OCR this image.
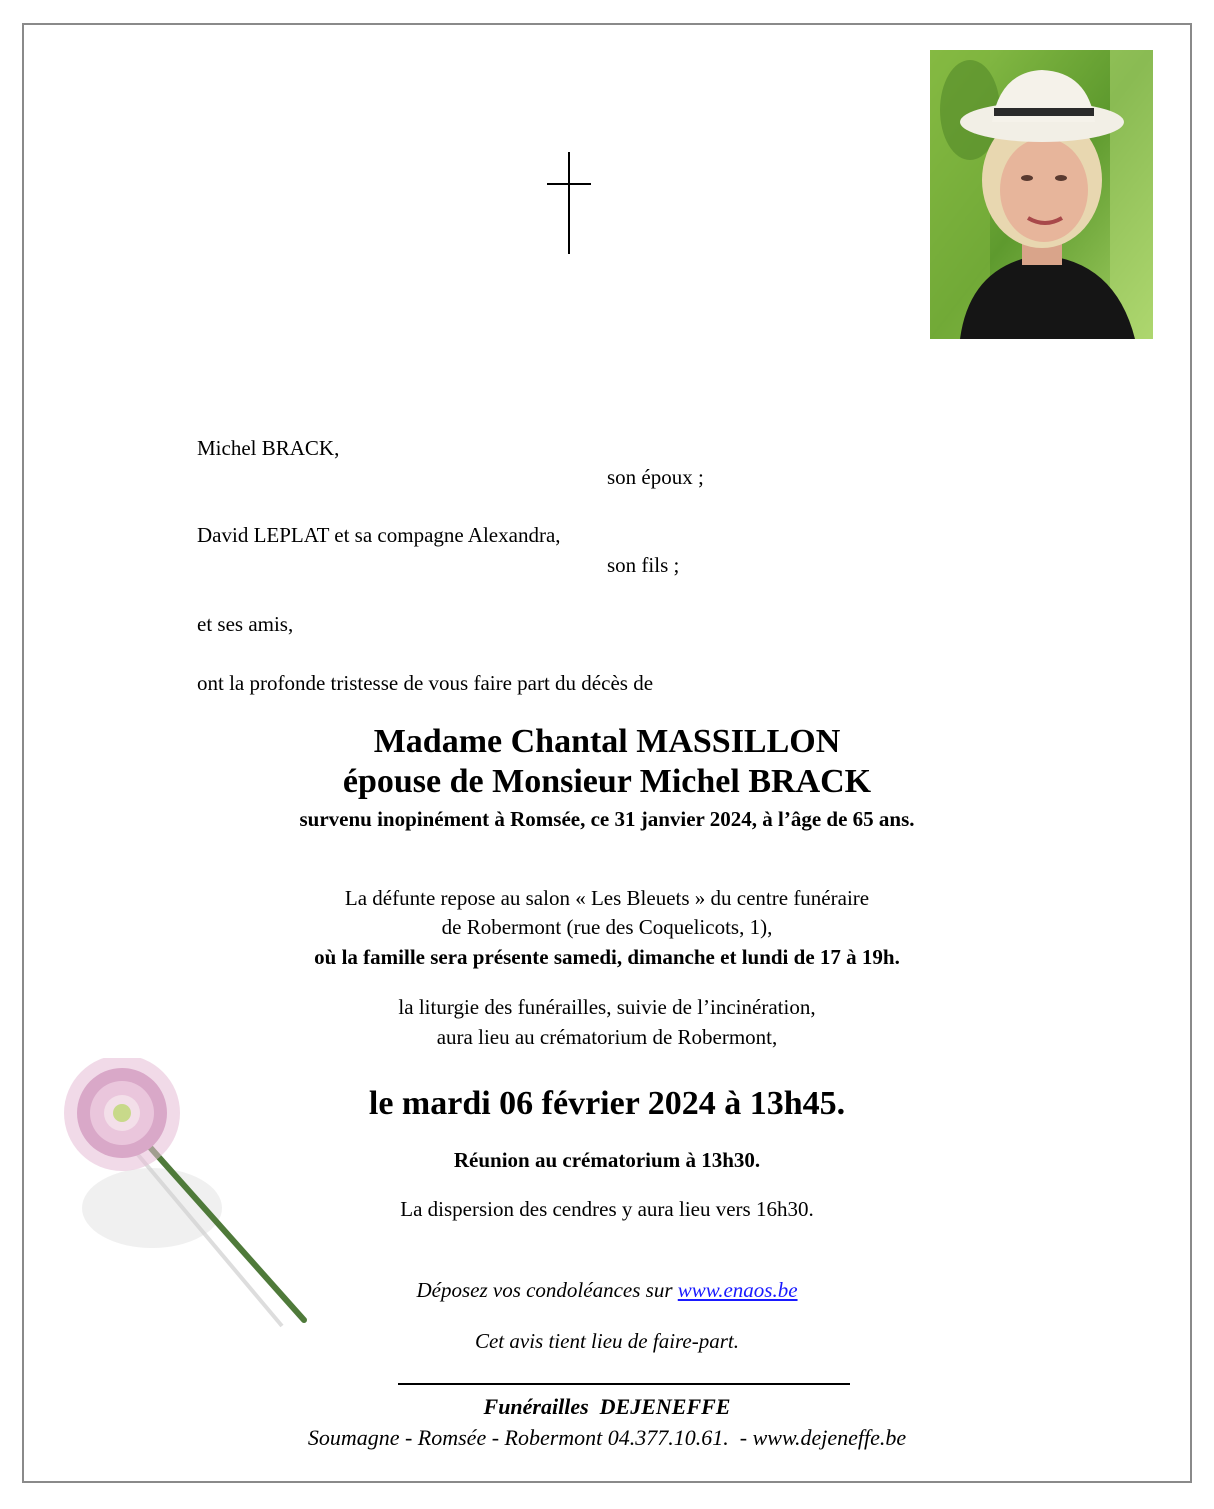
Michel BRACK,
son époux ;
David LEPLAT et sa compagne Alexandra,
son fils ;
et ses amis,
ont la profonde tristesse de vous faire part du décès de
Madame Chantal MASSILLON
épouse de Monsieur Michel BRACK
survenu inopinément à Romsée, ce 31 janvier 2024, à l’âge de 65 ans.
La défunte repose au salon « Les Bleuets » du centre funéraire
de Robermont (rue des Coquelicots, 1),
où la famille sera présente samedi, dimanche et lundi de 17 à 19h.
la liturgie des funérailles, suivie de l’incinération,
aura lieu au crématorium de Robermont,
le mardi 06 février 2024 à 13h45.
Réunion au crématorium à 13h30.
La dispersion des cendres y aura lieu vers 16h30.
Déposez vos condoléances sur www.enaos.be
Cet avis tient lieu de faire-part.
Funérailles  DEJENEFFE
Soumagne - Romsée - Robermont 04.377.10.61.  - www.dejeneffe.be
